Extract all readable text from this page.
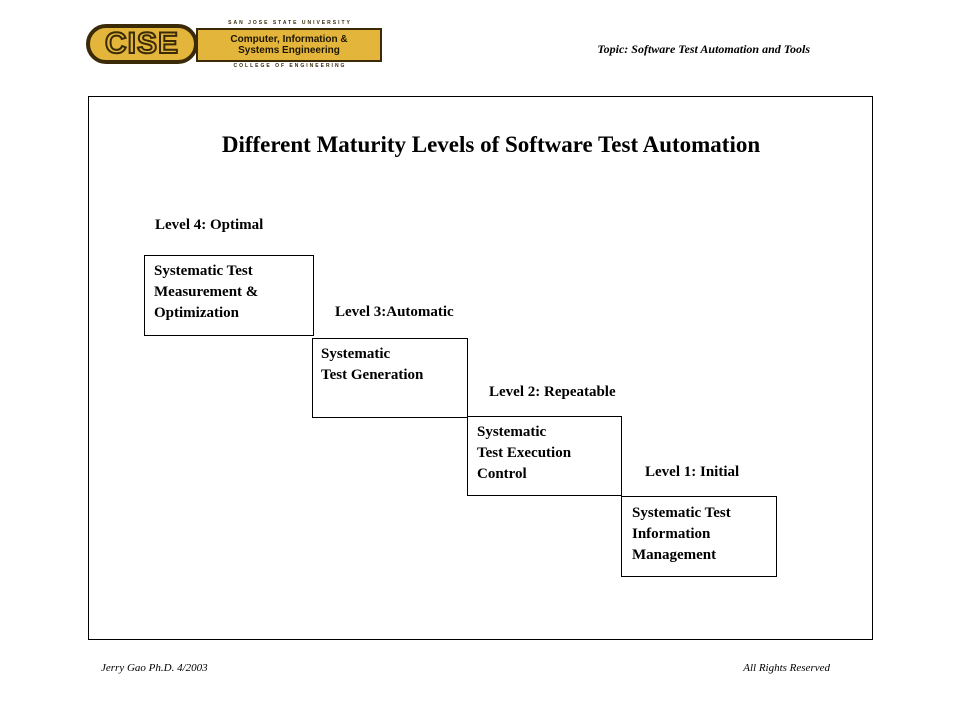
CISE
SAN JOSE STATE UNIVERSITY
Computer, Information &
Systems Engineering
COLLEGE OF ENGINEERING
Topic: Software Test Automation and Tools
Different Maturity Levels of Software Test Automation
Level 4: Optimal
Systematic Test
Measurement &
Optimization	Level 3:Automatic
Systematic
Test Generation
Level 2: Repeatable
Systematic
Test Execution
Control	Level 1: Initial
Systematic Test
Information
Management
Jerry Gao Ph.D. 4/2003	All Rights Reserved
